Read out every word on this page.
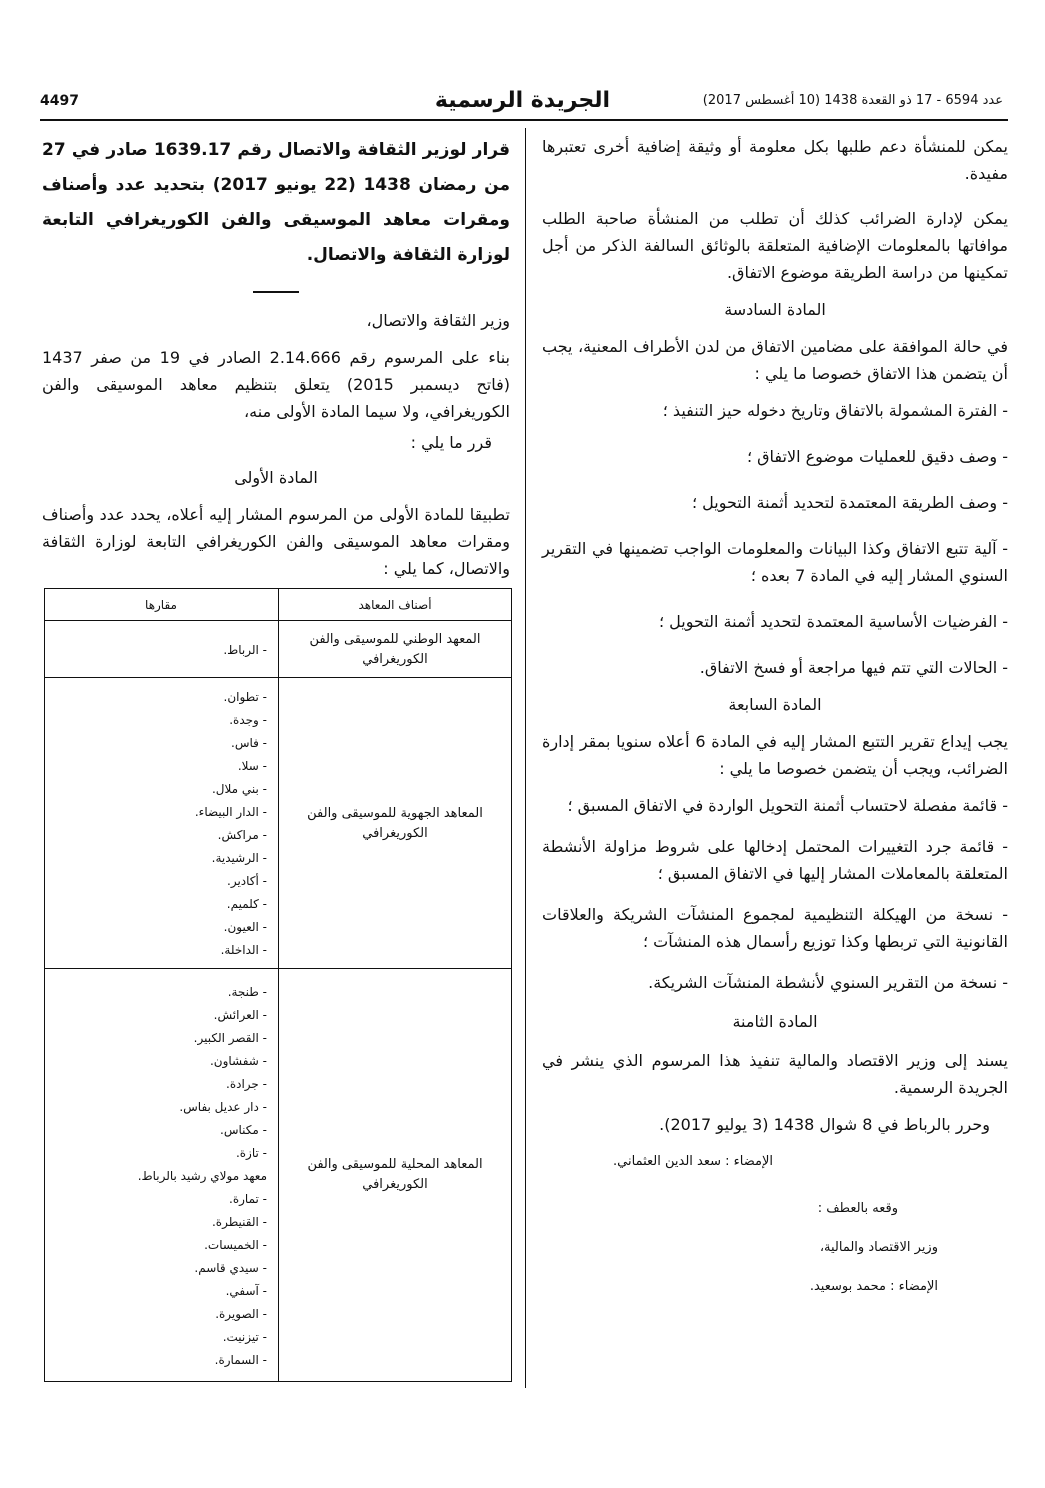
4497	الجريدة الرسمية	عدد 6594 - 17 ذو القعدة 1438 (10 أغسطس 2017)

يمكن للمنشأة دعم طلبها بكل معلومة أو وثيقة إضافية أخرى تعتبرها مفيدة.

يمكن لإدارة الضرائب كذلك أن تطلب من المنشأة صاحبة الطلب موافاتها بالمعلومات الإضافية المتعلقة بالوثائق السالفة الذكر من أجل تمكينها من دراسة الطريقة موضوع الاتفاق.

المادة السادسة

في حالة الموافقة على مضامين الاتفاق من لدن الأطراف المعنية، يجب أن يتضمن هذا الاتفاق خصوصا ما يلي :

- الفترة المشمولة بالاتفاق وتاريخ دخوله حيز التنفيذ ؛

- وصف دقيق للعمليات موضوع الاتفاق ؛

- وصف الطريقة المعتمدة لتحديد أثمنة التحويل ؛

- آلية تتبع الاتفاق وكذا البيانات والمعلومات الواجب تضمينها في التقرير السنوي المشار إليه في المادة 7 بعده ؛

- الفرضيات الأساسية المعتمدة لتحديد أثمنة التحويل ؛

- الحالات التي تتم فيها مراجعة أو فسخ الاتفاق.

المادة السابعة

يجب إيداع تقرير التتبع المشار إليه في المادة 6 أعلاه سنويا بمقر إدارة الضرائب، ويجب أن يتضمن خصوصا ما يلي :

- قائمة مفصلة لاحتساب أثمنة التحويل الواردة في الاتفاق المسبق ؛

- قائمة جرد التغييرات المحتمل إدخالها على شروط مزاولة الأنشطة المتعلقة بالمعاملات المشار إليها في الاتفاق المسبق ؛

- نسخة من الهيكلة التنظيمية لمجموع المنشآت الشريكة والعلاقات القانونية التي تربطها وكذا توزيع رأسمال هذه المنشآت ؛

- نسخة من التقرير السنوي لأنشطة المنشآت الشريكة.

المادة الثامنة

يسند إلى وزير الاقتصاد والمالية تنفيذ هذا المرسوم الذي ينشر في الجريدة الرسمية.

وحرر بالرباط في 8 شوال 1438 (3 يوليو 2017).

الإمضاء : سعد الدين العثماني.

وقعه بالعطف :

وزير الاقتصاد والمالية،

الإمضاء : محمد بوسعيد.

قرار لوزير الثقافة والاتصال رقم 1639.17 صادر في 27 من رمضان 1438 (22 يونيو 2017) بتحديد عدد وأصناف ومقرات معاهد الموسيقى والفن الكوريغرافي التابعة لوزارة الثقافة والاتصال.

وزير الثقافة والاتصال،

بناء على المرسوم رقم 2.14.666 الصادر في 19 من صفر 1437 (فاتح ديسمبر 2015) يتعلق بتنظيم معاهد الموسيقى والفن الكوريغرافي، ولا سيما المادة الأولى منه،

قرر ما يلي :

المادة الأولى

تطبيقا للمادة الأولى من المرسوم المشار إليه أعلاه، يحدد عدد وأصناف ومقرات معاهد الموسيقى والفن الكوريغرافي التابعة لوزارة الثقافة والاتصال، كما يلي :

أصناف المعاهد
مقارها
المعهد الوطني للموسيقى والفن الكوريغرافي
- الرباط.
المعاهد الجهوية للموسيقى والفن الكوريغرافي
- تطوان.
- وجدة.
- فاس.
- سلا.
- بني ملال.
- الدار البيضاء.
- مراكش.
- الرشيدية.
- أكادير.
- كلميم.
- العيون.
- الداخلة.
المعاهد المحلية للموسيقى والفن الكوريغرافي
- طنجة.
- العرائش.
- القصر الكبير.
- شفشاون.
- جرادة.
- دار عديل بفاس.
- مكناس.
- تازة.
معهد مولاي رشيد بالرباط.
- تمارة.
- القنيطرة.
- الخميسات.
- سيدي قاسم.
- آسفي.
- الصويرة.
- تيزنيت.
- السمارة.
